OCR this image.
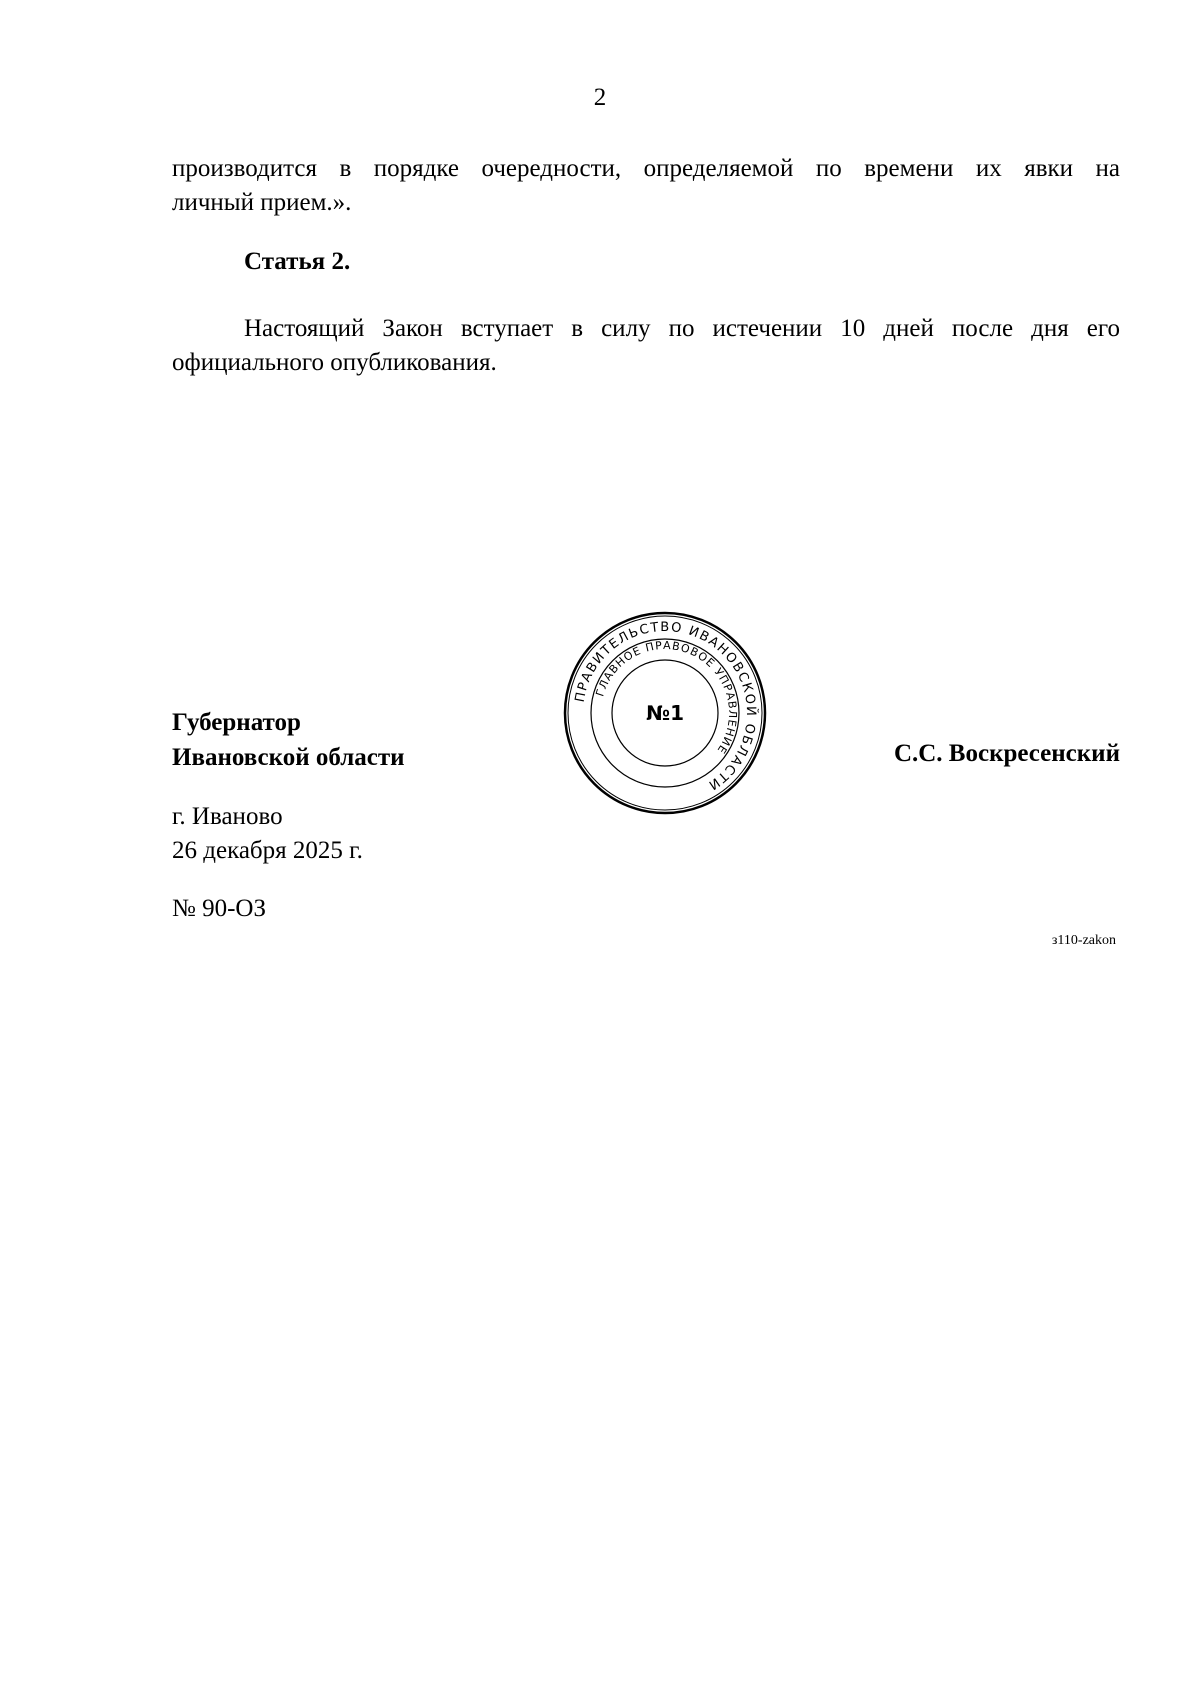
2
производится в порядке очередности, определяемой по времени их явки на
личный прием.».
Статья 2.
Настоящий Закон вступает в силу по истечении 10 дней после дня его
официального опубликования.
Губернатор
Ивановской области
ПРАВИТЕЛЬСТВО ИВАНОВСКОЙ ОБЛАСТИ
ГЛАВНОЕ ПРАВОВОЕ УПРАВЛЕНИЕ
№1
С.С. Воскресенский
г. Иваново
26 декабря 2025 г.
№ 90-ОЗ
з110-zakon
